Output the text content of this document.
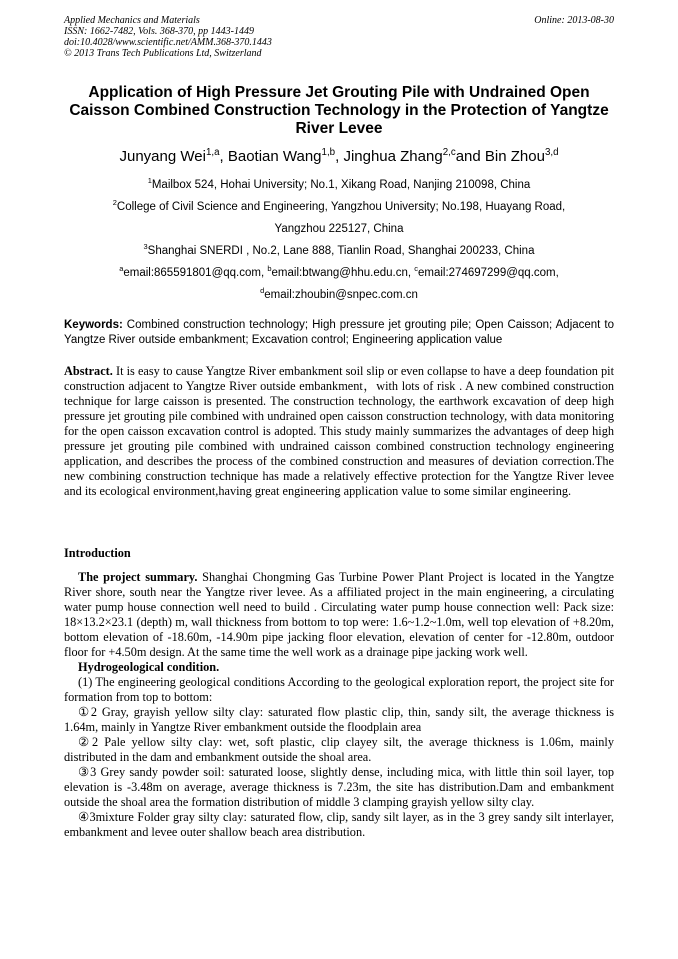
Applied Mechanics and Materials
ISSN: 1662-7482, Vols. 368-370, pp 1443-1449
doi:10.4028/www.scientific.net/AMM.368-370.1443
© 2013 Trans Tech Publications Ltd, Switzerland
Online: 2013-08-30
Application of High Pressure Jet Grouting Pile with Undrained Open Caisson Combined Construction Technology in the Protection of Yangtze River Levee
Junyang Wei$^{1,a}$, Baotian Wang$^{1,b}$, Jinghua Zhang$^{2,c}$and Bin Zhou$^{3,d}$
$^1$Mailbox 524, Hohai University; No.1, Xikang Road, Nanjing 210098, China
$^2$College of Civil Science and Engineering, Yangzhou University; No.198, Huayang Road,
Yangzhou 225127, China
$^3$Shanghai SNERDI , No.2, Lane 888, Tianlin Road, Shanghai 200233, China
$^a$email:865591801@qq.com, $^b$email:btwang@hhu.edu.cn, $^c$email:274697299@qq.com,
$^d$email:zhoubin@snpec.com.cn
Keywords: Combined construction technology; High pressure jet grouting pile; Open Caisson; Adjacent to Yangtze River outside embankment; Excavation control; Engineering application value
Abstract. It is easy to cause Yangtze River embankment soil slip or even collapse to have a deep foundation pit construction adjacent to Yangtze River outside embankment，with lots of risk . A new combined construction technique for large caisson is presented. The construction technology, the earthwork excavation of deep high pressure jet grouting pile combined with undrained open caisson construction technology, with data monitoring for the open caisson excavation control is adopted. This study mainly summarizes the advantages of deep high pressure jet grouting pile combined with undrained caisson combined construction technology engineering application, and describes the process of the combined construction and measures of deviation correction.The new combining construction technique has made a relatively effective protection for the Yangtze River levee and its ecological environment,having great engineering application value to some similar engineering.
Introduction

The project summary. Shanghai Chongming Gas Turbine Power Plant Project is located in the Yangtze River shore, south near the Yangtze river levee. As a affiliated project in the main engineering, a circulating water pump house connection well need to build . Circulating water pump house connection well: Pack size: 18×13.2×23.1 (depth) m, wall thickness from bottom to top were: 1.6~1.2~1.0m, well top elevation of +8.20m, bottom elevation of -18.60m, -14.90m pipe jacking floor elevation, elevation of center for -12.80m, outdoor floor for +4.50m design. At the same time the well work as a drainage pipe jacking work well.

Hydrogeological condition.

(1) The engineering geological conditions According to the geological exploration report, the project site for formation from top to bottom:

①2 Gray, grayish yellow silty clay: saturated flow plastic clip, thin, sandy silt, the average thickness is 1.64m, mainly in Yangtze River embankment outside the floodplain area

②2 Pale yellow silty clay: wet, soft plastic, clip clayey silt, the average thickness is 1.06m, mainly distributed in the dam and embankment outside the shoal area.

③3 Grey sandy powder soil: saturated loose, slightly dense, including mica, with little thin soil layer, top elevation is -3.48m on average, average thickness is 7.23m, the site has distribution.Dam and embankment outside the shoal area the formation distribution of middle 3 clamping grayish yellow silty clay.

④3mixture Folder gray silty clay: saturated flow, clip, sandy silt layer, as in the 3 grey sandy silt interlayer, embankment and levee outer shallow beach area distribution.
